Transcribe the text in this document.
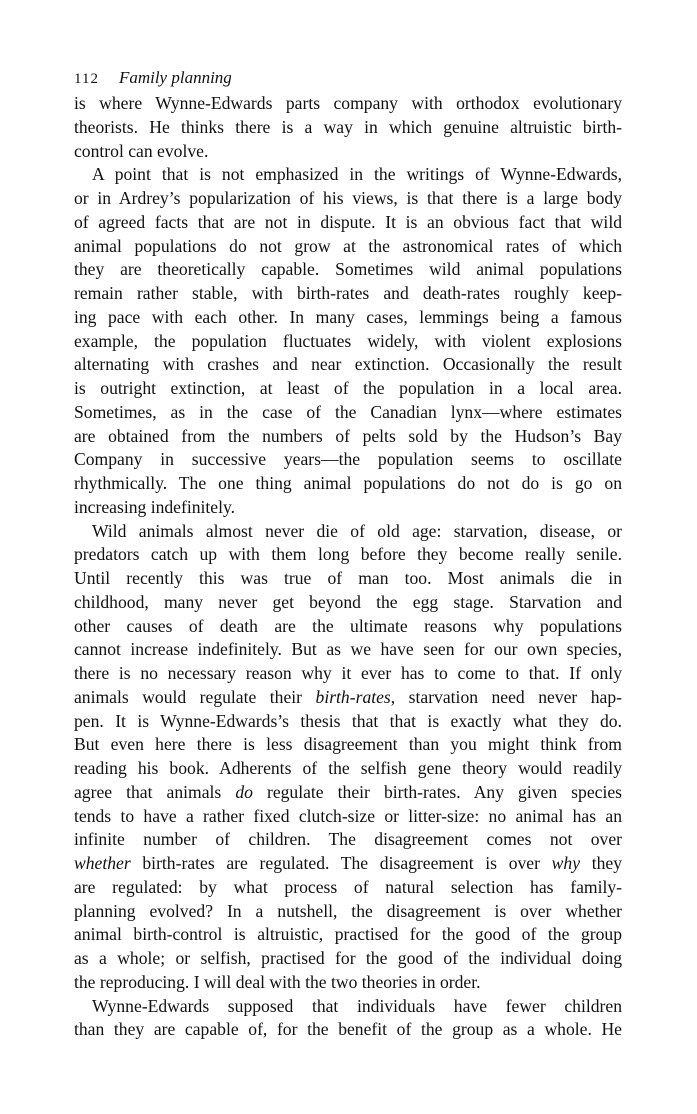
112 Family planning
is where Wynne-Edwards parts company with orthodox evolutionary
theorists. He thinks there is a way in which genuine altruistic birth-
control can evolve.
A point that is not emphasized in the writings of Wynne-Edwards,
or in Ardrey’s popularization of his views, is that there is a large body
of agreed facts that are not in dispute. It is an obvious fact that wild
animal populations do not grow at the astronomical rates of which
they are theoretically capable. Sometimes wild animal populations
remain rather stable, with birth-rates and death-rates roughly keep-
ing pace with each other. In many cases, lemmings being a famous
example, the population fluctuates widely, with violent explosions
alternating with crashes and near extinction. Occasionally the result
is outright extinction, at least of the population in a local area.
Sometimes, as in the case of the Canadian lynx—where estimates
are obtained from the numbers of pelts sold by the Hudson’s Bay
Company in successive years—the population seems to oscillate
rhythmically. The one thing animal populations do not do is go on
increasing indefinitely.
Wild animals almost never die of old age: starvation, disease, or
predators catch up with them long before they become really senile.
Until recently this was true of man too. Most animals die in
childhood, many never get beyond the egg stage. Starvation and
other causes of death are the ultimate reasons why populations
cannot increase indefinitely. But as we have seen for our own species,
there is no necessary reason why it ever has to come to that. If only
animals would regulate their birth-rates, starvation need never hap-
pen. It is Wynne-Edwards’s thesis that that is exactly what they do.
But even here there is less disagreement than you might think from
reading his book. Adherents of the selfish gene theory would readily
agree that animals do regulate their birth-rates. Any given species
tends to have a rather fixed clutch-size or litter-size: no animal has an
infinite number of children. The disagreement comes not over
whether birth-rates are regulated. The disagreement is over why they
are regulated: by what process of natural selection has family-
planning evolved? In a nutshell, the disagreement is over whether
animal birth-control is altruistic, practised for the good of the group
as a whole; or selfish, practised for the good of the individual doing
the reproducing. I will deal with the two theories in order.
Wynne-Edwards supposed that individuals have fewer children
than they are capable of, for the benefit of the group as a whole. He
